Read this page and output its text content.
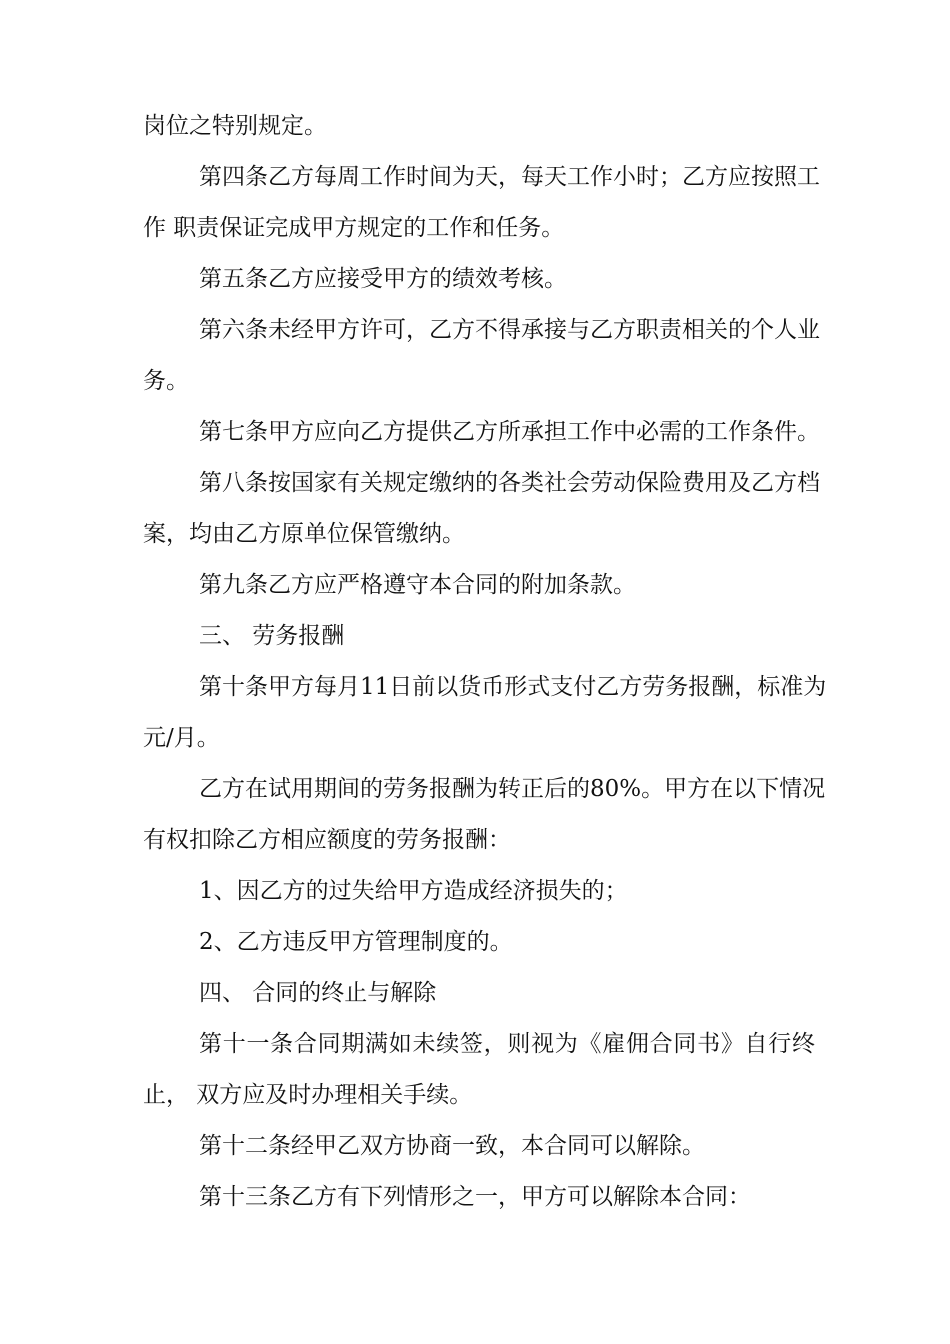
岗位之特别规定。
第四条乙方每周工作时间为天，每天工作小时；乙方应按照工
作 职责保证完成甲方规定的工作和任务。
第五条乙方应接受甲方的绩效考核。
第六条未经甲方许可，乙方不得承接与乙方职责相关的个人业
务。
第七条甲方应向乙方提供乙方所承担工作中必需的工作条件。
第八条按国家有关规定缴纳的各类社会劳动保险费用及乙方档
案，均由乙方原单位保管缴纳。
第九条乙方应严格遵守本合同的附加条款。
三、 劳务报酬
第十条甲方每月11日前以货币形式支付乙方劳务报酬，标准为
元/月。
乙方在试用期间的劳务报酬为转正后的80%。甲方在以下情况
有权扣除乙方相应额度的劳务报酬：
1、因乙方的过失给甲方造成经济损失的；
2、乙方违反甲方管理制度的。
四、 合同的终止与解除
第十一条合同期满如未续签，则视为《雇佣合同书》自行终
止， 双方应及时办理相关手续。
第十二条经甲乙双方协商一致，本合同可以解除。
第十三条乙方有下列情形之一，甲方可以解除本合同：
